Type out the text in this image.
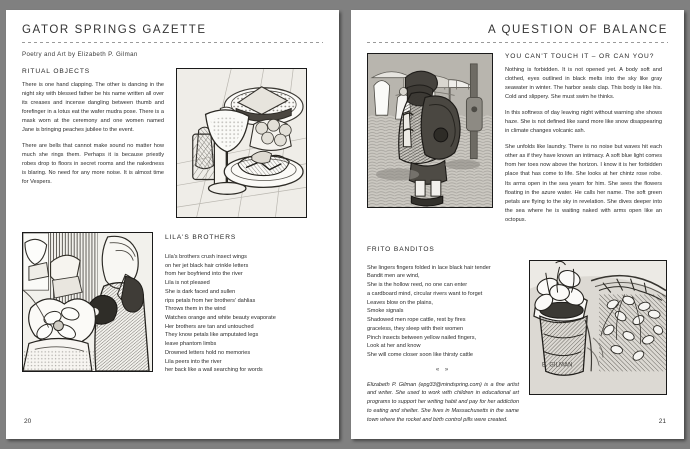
GATOR SPRINGS GAZETTE
Poetry and Art by Elizabeth P. Gilman
RITUAL OBJECTS

There is one hand clapping. The other is dancing in the night sky with blessed father be his name written all over its creases and incense dangling between thumb and forefinger in a lotus eat the wafer mudra pose. There is a mask worn at the ceremony and one women named Jane is bringing peaches jubilee to the event.

There are bells that cannot make sound no matter how much she rings them. Perhaps it is because priestly robes drop to floors in secret rooms and the nakedness is blaring. No need for any more noise. It is almost time for Vespers.

LILA'S BROTHERS
Lila's brothers crush insect wings
on her jet black hair crinkle letters
from her boyfriend into the river
Lila is not pleased
She is dark faced and sullen
rips petals from her brothers' dahlias
Throws them in the wind
Watches orange and white beauty evaporate
Her brothers are tan and untouched
They know petals like amputated legs
leave phantom limbs
Drowned letters hold no memories
Lila peers into the river
her back like a wail searching for words
20
A QUESTION OF BALANCE
YOU CAN'T TOUCH IT – OR CAN YOU?

Nothing is forbidden. It is not opened yet. A body soft and clothed, eyes outlined in black melts into the sky like gray seawater in winter. The harbor seals clap. This body is like his. Cold and slippery. She must swim he thinks.

In this softness of day leaving night without warning she shows haze. She is not defined like sand more like snow disappearing in climate changes volcanic ash.

She unfolds like laundry. There is no noise but waves hit each other as if they have known an intimacy. A soft blue light comes from her toes now above the horizon. I know it is her forbidden place that has come to life. She looks at her chintz rose robe. Its arms open in the sea yearn for him. She sees the flowers floating in the azure water. He calls her name. The soft green petals are flying to the sky in revelation. She dives deeper into the sea where he is waiting naked with arms open like an octopus.

FRITO BANDITOS
She lingers fingers folded in lace black hair tender
Bandit men are wind,
She is the hollow reed, no one can enter
a cardboard mind, circular rivers want to forget
Leaves blow on the plains,
Smoke signals
Shadowed men rope cattle, rest by fires
graceless, they sleep with their women
Pinch insects between yellow nailed fingers,
Look at her and know
She will come closer soon like thirsty cattle
« »

Elizabeth P. Gilman (epg33@mindspring.com) is a fine artist and writer. She used to work with children in educational art programs to support her writing habit and pay for her addiction to eating and shelter. She lives in Massachusetts in the same town where the rocket and birth control pills were created.

E. GILMAN
21
